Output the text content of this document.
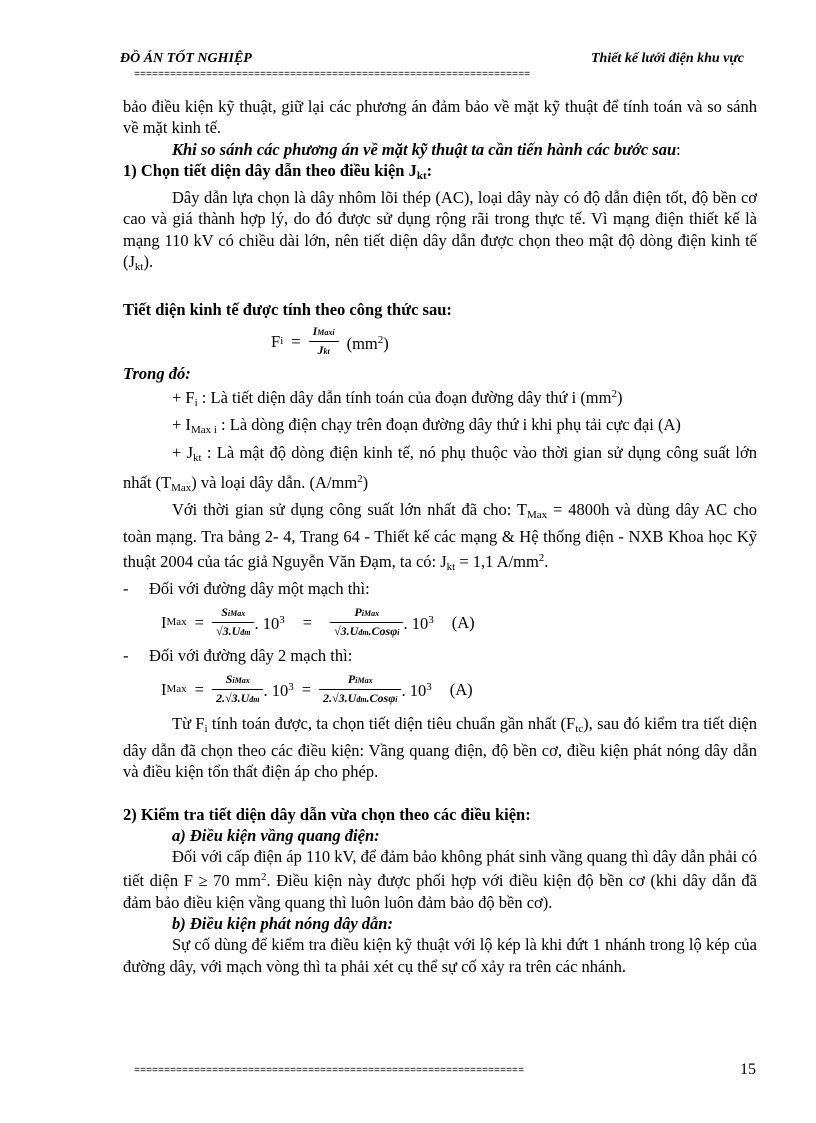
ĐỒ ÁN TỐT NGHIỆP	Thiết kế lưới điện khu vực
==================================================================

bảo điều kiện kỹ thuật, giữ lại các phương án đảm bảo về mặt kỹ thuật để tính toán và so sánh về mặt kinh tế.

Khi so sánh các phương án về mặt kỹ thuật ta cần tiến hành các bước sau:

1) Chọn tiết diện dây dẫn theo điều kiện $J_{kt}$:

Dây dẫn lựa chọn là dây nhôm lõi thép (AC), loại dây này có độ dẫn điện tốt, độ bền cơ cao và giá thành hợp lý, do đó được sử dụng rộng rãi trong thực tế. Vì mạng điện thiết kế là mạng 110 kV có chiều dài lớn, nên tiết diện dây dẫn được chọn theo mật độ dòng điện kinh tế $(J_{kt})$.

Tiết diện kinh tế được tính theo công thức sau:

F $i = \frac{\text{IMaxi}}{\text{Jkt}} (mm^2)$

Trong đó:

+ $F_i$ : Là tiết diện dây dẫn tính toán của đoạn đường dây thứ i $(mm^2)$

+ $I_{Max i}$ : Là dòng điện chạy trên đoạn đường dây thứ i khi phụ tải cực đại (A)

+ $J_{kt}$ : Là mật độ dòng điện kinh tế, nó phụ thuộc vào thời gian sử dụng công suất lớn nhất $(T_{Max})$ và loại dây dẫn. $(A/mm^2)$

Với thời gian sử dụng công suất lớn nhất đã cho: $T_{Max} = 4800h$ và dùng dây AC cho toàn mạng. Tra bảng 2- 4, Trang 64 - Thiết kế các mạng & Hệ thống điện - NXB Khoa học Kỹ thuật 2004 của tác giả Nguyễn Văn Đạm, ta có: $J_{kt} = 1,1$ $A/mm^2$.

-	Đối với đường dây một mạch thì:
I Max = $\frac{\text{SiMax}}{\text{√3.Uđm}}$ . $10^3 = \frac{\text{PiMax}}{\text{√3.Uđm.Cosφi}}$ . $10^3$ (A)
-	Đối với đường dây 2 mạch thì:
I Max = $\frac{\text{SiMax}}{\text{2.√3.Uđm}}$ . $10^3 = \frac{\text{PiMax}}{\text{2.√3.Uđm.Cosφi}}$ . $10^3$ (A)

Từ $F_i$ tính toán được, ta chọn tiết diện tiêu chuẩn gần nhất $(F_{tc})$, sau đó kiểm tra tiết diện dây dẫn đã chọn theo các điều kiện: Vầng quang điện, độ bền cơ, điều kiện phát nóng dây dẫn và điều kiện tổn thất điện áp cho phép.

2) Kiểm tra tiết diện dây dẫn vừa chọn theo các điều kiện:

a) Điều kiện vầng quang điện:

Đối với cấp điện áp 110 kV, để đảm bảo không phát sinh vầng quang thì dây dẫn phải có tiết diện F ≥ 70 $mm^2$. Điều kiện này được phối hợp với điều kiện độ bền cơ (khi dây dẫn đã đảm bảo điều kiện vầng quang thì luôn luôn đảm bảo độ bền cơ).

b) Điều kiện phát nóng dây dẫn:

Sự cố dùng để kiểm tra điều kiện kỹ thuật với lộ kép là khi đứt 1 nhánh trong lộ kép của đường dây, với mạch vòng thì ta phải xét cụ thể sự cố xảy ra trên các nhánh.

=================================================================	15
